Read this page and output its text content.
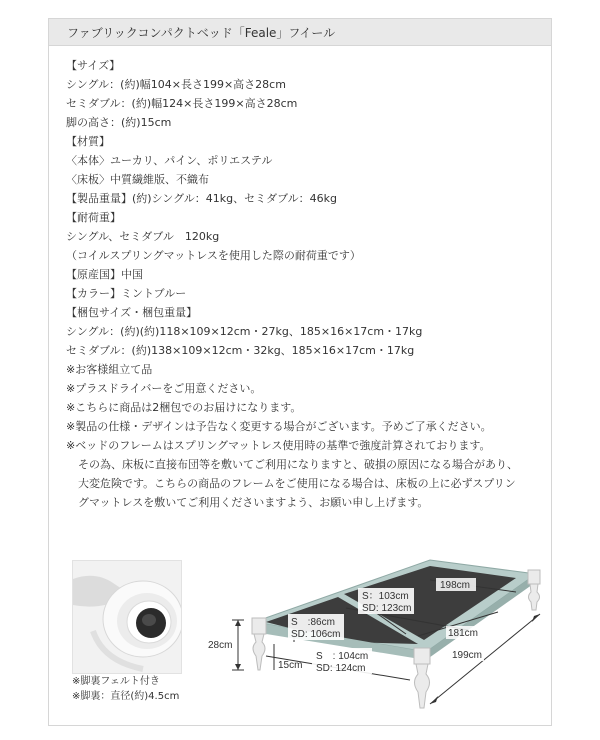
ファブリックコンパクトベッド「Feale」フイール
【サイズ】
シングル：(約)幅104×長さ199×高さ28cm
セミダブル：(約)幅124×長さ199×高さ28cm
脚の高さ：(約)15cm
【材質】
〈本体〉ユーカリ、パイン、ポリエステル
〈床板〉中質繊維版、不織布
【製品重量】(約)シングル：41kg、セミダブル：46kg
【耐荷重】
シングル、セミダブル　120kg
（コイルスプリングマットレスを使用した際の耐荷重です）
【原産国】中国
【カラー】ミントブルー
【梱包サイズ・梱包重量】
シングル：(約)(約)118×109×12cm・27kg、185×16×17cm・17kg
セミダブル：(約)138×109×12cm・32kg、185×16×17cm・17kg
※お客様組立て品
※プラスドライバーをご用意ください。
※こちらに商品は2梱包でのお届けになります。
※製品の仕様・デザインは予告なく変更する場合がございます。予めご了承ください。
※ベッドのフレームはスプリングマットレス使用時の基準で強度計算されております。
その為、床板に直接布団等を敷いてご利用になりますと、破損の原因になる場合があり、
大変危険です。こちらの商品のフレームをご使用になる場合は、床板の上に必ずスプリン
グマットレスを敷いてご利用くださいますよう、お願い申し上げます。
※脚裏フェルト付き
※脚裏：直径(約)4.5cm
198cm
S：103cm
SD: 123cm
S　:86cm
SD: 106cm	181cm
28cm
15cm
S　: 104cm
SD: 124cm
199cm
